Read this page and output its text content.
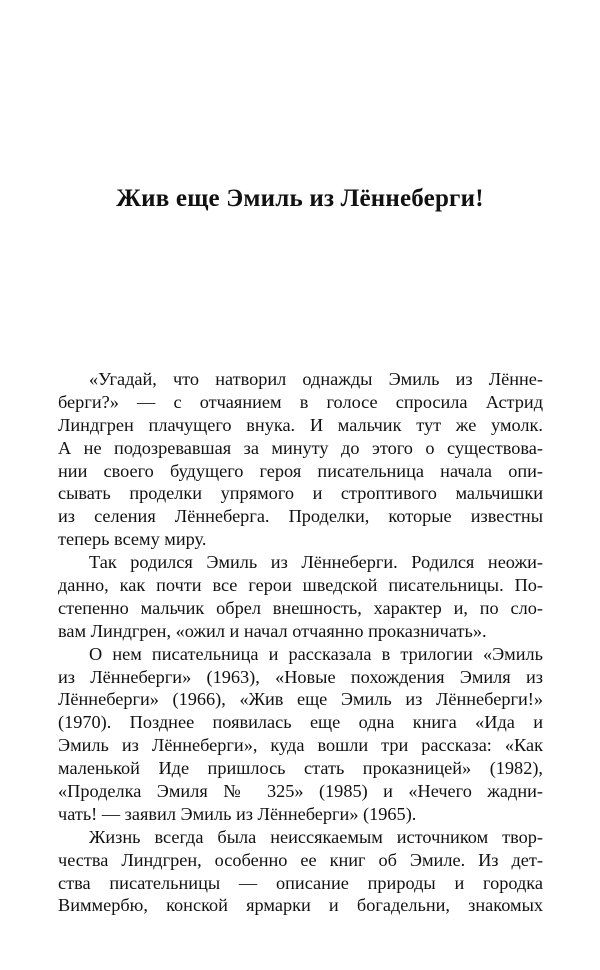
Жив еще Эмиль из Лённеберги!
«Угадай, что натворил однажды Эмиль из Лённе-
берги?» — с отчаянием в голосе спросила Астрид
Линдгрен плачущего внука. И мальчик тут же умолк.
А не подозревавшая за минуту до этого о существова-
нии своего будущего героя писательница начала опи-
сывать проделки упрямого и строптивого мальчишки
из селения Лённеберга. Проделки, которые известны
теперь всему миру.
Так родился Эмиль из Лённеберги. Родился неожи-
данно, как почти все герои шведской писательницы. По-
степенно мальчик обрел внешность, характер и, по сло-
вам Линдгрен, «ожил и начал отчаянно проказничать».
О нем писательница и рассказала в трилогии «Эмиль
из Лённеберги» (1963), «Новые похождения Эмиля из
Лённеберги» (1966), «Жив еще Эмиль из Лённеберги!»
(1970). Позднее появилась еще одна книга «Ида и
Эмиль из Лённеберги», куда вошли три рассказа: «Как
маленькой Иде пришлось стать проказницей» (1982),
«Проделка Эмиля № 325» (1985) и «Нечего жадни-
чать! — заявил Эмиль из Лённеберги» (1965).
Жизнь всегда была неиссякаемым источником твор-
чества Линдгрен, особенно ее книг об Эмиле. Из дет-
ства писательницы — описание природы и городка
Виммербю, конской ярмарки и богадельни, знакомых
